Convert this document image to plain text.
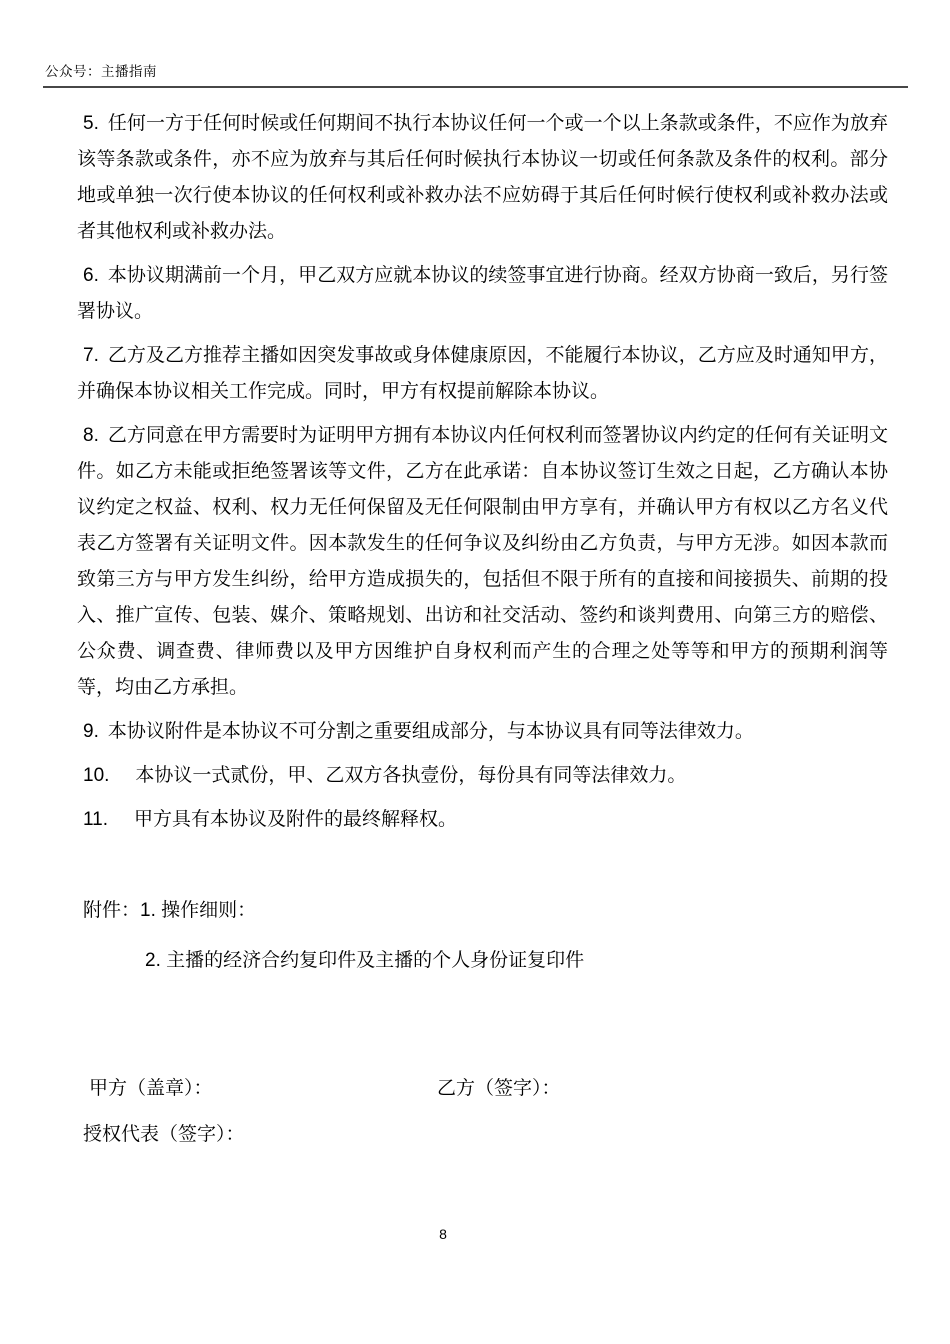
公众号：主播指南

5. 任何一方于任何时候或任何期间不执行本协议任何一个或一个以上条款或条件，不应作为放弃该等条款或条件，亦不应为放弃与其后任何时候执行本协议一切或任何条款及条件的权利。部分地或单独一次行使本协议的任何权利或补救办法不应妨碍于其后任何时候行使权利或补救办法或者其他权利或补救办法。

6. 本协议期满前一个月，甲乙双方应就本协议的续签事宜进行协商。经双方协商一致后，另行签署协议。

7. 乙方及乙方推荐主播如因突发事故或身体健康原因，不能履行本协议，乙方应及时通知甲方，并确保本协议相关工作完成。同时，甲方有权提前解除本协议。

8. 乙方同意在甲方需要时为证明甲方拥有本协议内任何权利而签署协议内约定的任何有关证明文件。如乙方未能或拒绝签署该等文件，乙方在此承诺：自本协议签订生效之日起，乙方确认本协议约定之权益、权利、权力无任何保留及无任何限制由甲方享有，并确认甲方有权以乙方名义代表乙方签署有关证明文件。因本款发生的任何争议及纠纷由乙方负责，与甲方无涉。如因本款而致第三方与甲方发生纠纷，给甲方造成损失的，包括但不限于所有的直接和间接损失、前期的投入、推广宣传、包装、媒介、策略规划、出访和社交活动、签约和谈判费用、向第三方的赔偿、公众费、调查费、律师费以及甲方因维护自身权利而产生的合理之处等等和甲方的预期利润等等，均由乙方承担。

9. 本协议附件是本协议不可分割之重要组成部分，与本协议具有同等法律效力。

10. 本协议一式贰份，甲、乙双方各执壹份，每份具有同等法律效力。

11. 甲方具有本协议及附件的最终解释权。

附件：1. 操作细则：

2. 主播的经济合约复印件及主播的个人身份证复印件

甲方（盖章）：	乙方（签字）：

授权代表（签字）：

8
